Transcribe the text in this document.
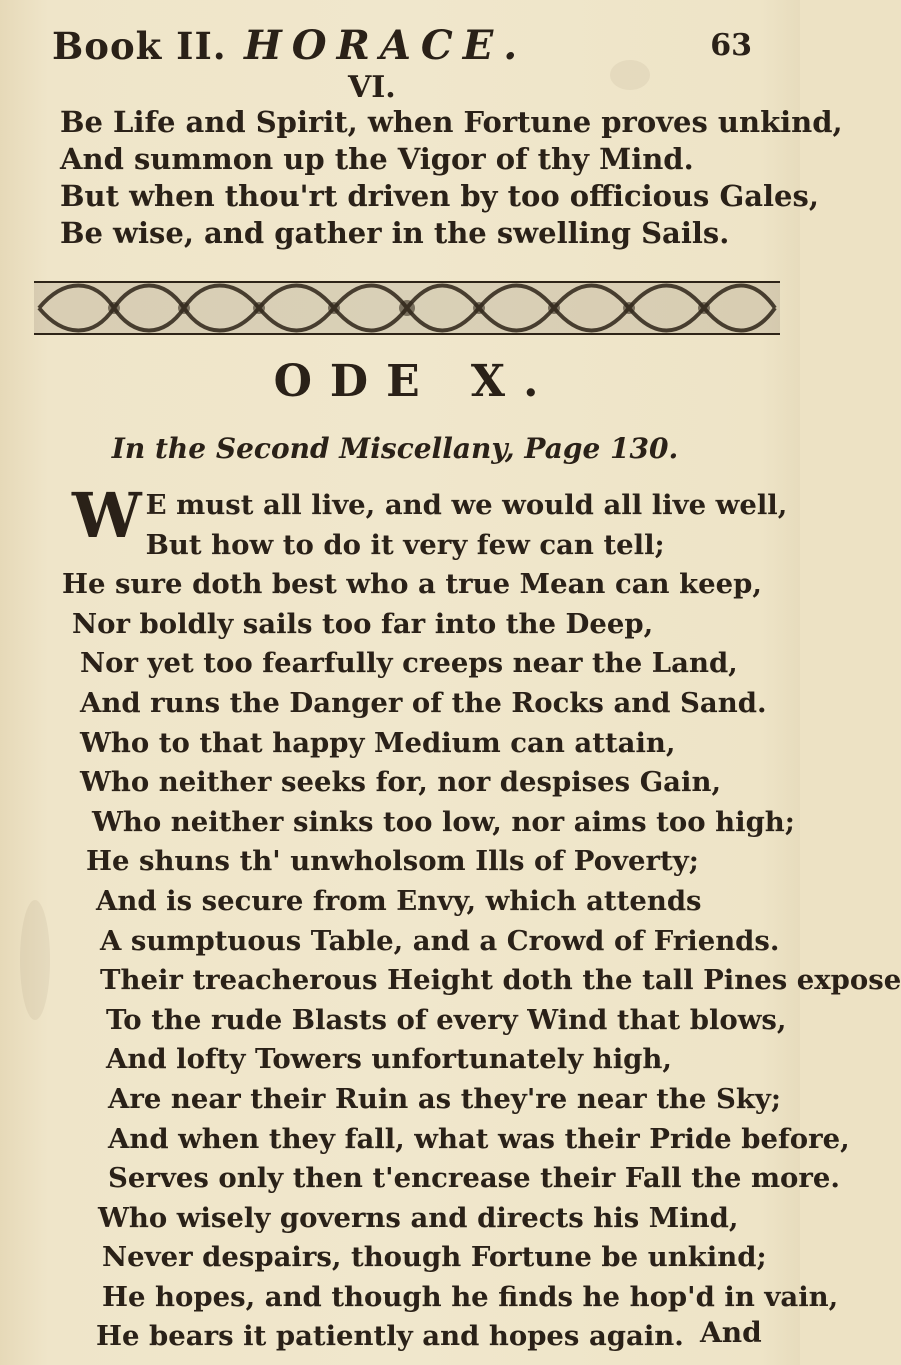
Book II. HORACE.	63
VI.
Be Life and Spirit, when Fortune proves unkind,
And summon up the Vigor of thy Mind.
But when thou'rt driven by too officious Gales,
Be wise, and gather in the swelling Sails.
ODE X.
In the Second Miscellany, Page 130.
W E must all live, and we would all live well,
But how to do it very few can tell;
He sure doth best who a true Mean can keep,
Nor boldly sails too far into the Deep,
Nor yet too fearfully creeps near the Land,
And runs the Danger of the Rocks and Sand.
Who to that happy Medium can attain,
Who neither seeks for, nor despises Gain,
Who neither sinks too low, nor aims too high;
He shuns th' unwholsom Ills of Poverty;
And is secure from Envy, which attends
A sumptuous Table, and a Crowd of Friends.
Their treacherous Height doth the tall Pines expose
To the rude Blasts of every Wind that blows,
And lofty Towers unfortunately high,
Are near their Ruin as they're near the Sky;
And when they fall, what was their Pride before,
Serves only then t'encrease their Fall the more.
Who wisely governs and directs his Mind,
Never despairs, though Fortune be unkind;
He hopes, and though he finds he hop'd in vain,
He bears it patiently and hopes again. And
